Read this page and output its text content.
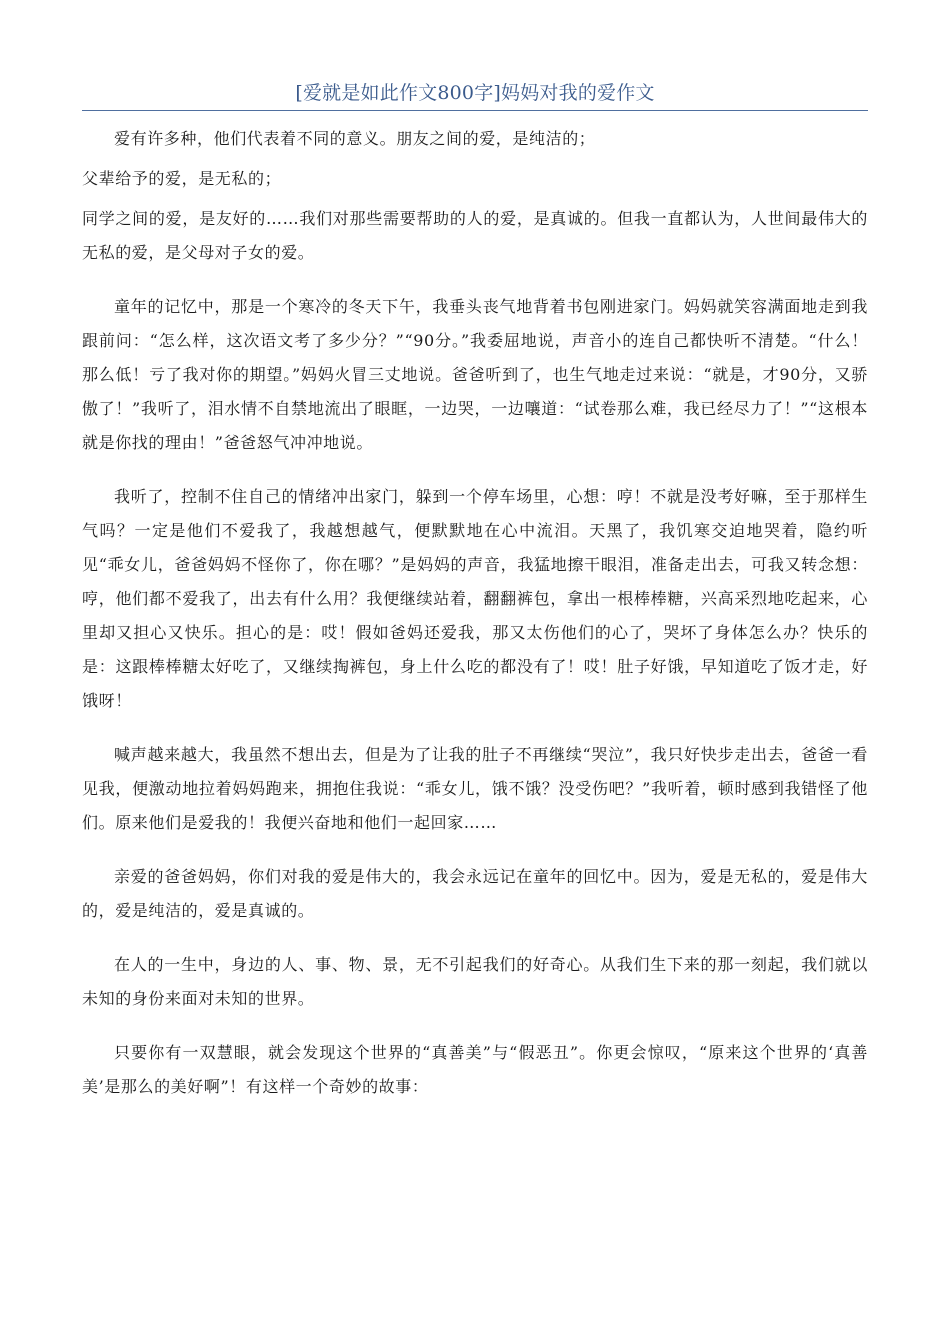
[爱就是如此作文800字]妈妈对我的爱作文

爱有许多种，他们代表着不同的意义。朋友之间的爱，是纯洁的；

父辈给予的爱，是无私的；

同学之间的爱，是友好的……我们对那些需要帮助的人的爱，是真诚的。但我一直都认为，人世间最伟大的无私的爱，是父母对子女的爱。

童年的记忆中，那是一个寒冷的冬天下午，我垂头丧气地背着书包刚进家门。妈妈就笑容满面地走到我跟前问：“怎么样，这次语文考了多少分？”“90分。”我委屈地说，声音小的连自己都快听不清楚。“什么！那么低！亏了我对你的期望。”妈妈火冒三丈地说。爸爸听到了，也生气地走过来说：“就是，才90分，又骄傲了！”我听了，泪水情不自禁地流出了眼眶，一边哭，一边嚷道：“试卷那么难，我已经尽力了！”“这根本就是你找的理由！”爸爸怒气冲冲地说。

我听了，控制不住自己的情绪冲出家门，躲到一个停车场里，心想：哼！不就是没考好嘛，至于那样生气吗？一定是他们不爱我了，我越想越气，便默默地在心中流泪。天黑了，我饥寒交迫地哭着，隐约听见“乖女儿，爸爸妈妈不怪你了，你在哪？”是妈妈的声音，我猛地擦干眼泪，准备走出去，可我又转念想：哼，他们都不爱我了，出去有什么用？我便继续站着，翻翻裤包，拿出一根棒棒糖，兴高采烈地吃起来，心里却又担心又快乐。担心的是：哎！假如爸妈还爱我，那又太伤他们的心了，哭坏了身体怎么办？快乐的是：这跟棒棒糖太好吃了，又继续掏裤包，身上什么吃的都没有了！哎！肚子好饿，早知道吃了饭才走，好饿呀！

喊声越来越大，我虽然不想出去，但是为了让我的肚子不再继续“哭泣”，我只好快步走出去，爸爸一看见我，便激动地拉着妈妈跑来，拥抱住我说：“乖女儿，饿不饿？没受伤吧？”我听着，顿时感到我错怪了他们。原来他们是爱我的！我便兴奋地和他们一起回家……

亲爱的爸爸妈妈，你们对我的爱是伟大的，我会永远记在童年的回忆中。因为，爱是无私的，爱是伟大的，爱是纯洁的，爱是真诚的。

在人的一生中，身边的人、事、物、景，无不引起我们的好奇心。从我们生下来的那一刻起，我们就以未知的身份来面对未知的世界。

只要你有一双慧眼，就会发现这个世界的“真善美”与“假恶丑”。你更会惊叹，“原来这个世界的‘真善美’是那么的美好啊”！有这样一个奇妙的故事：
